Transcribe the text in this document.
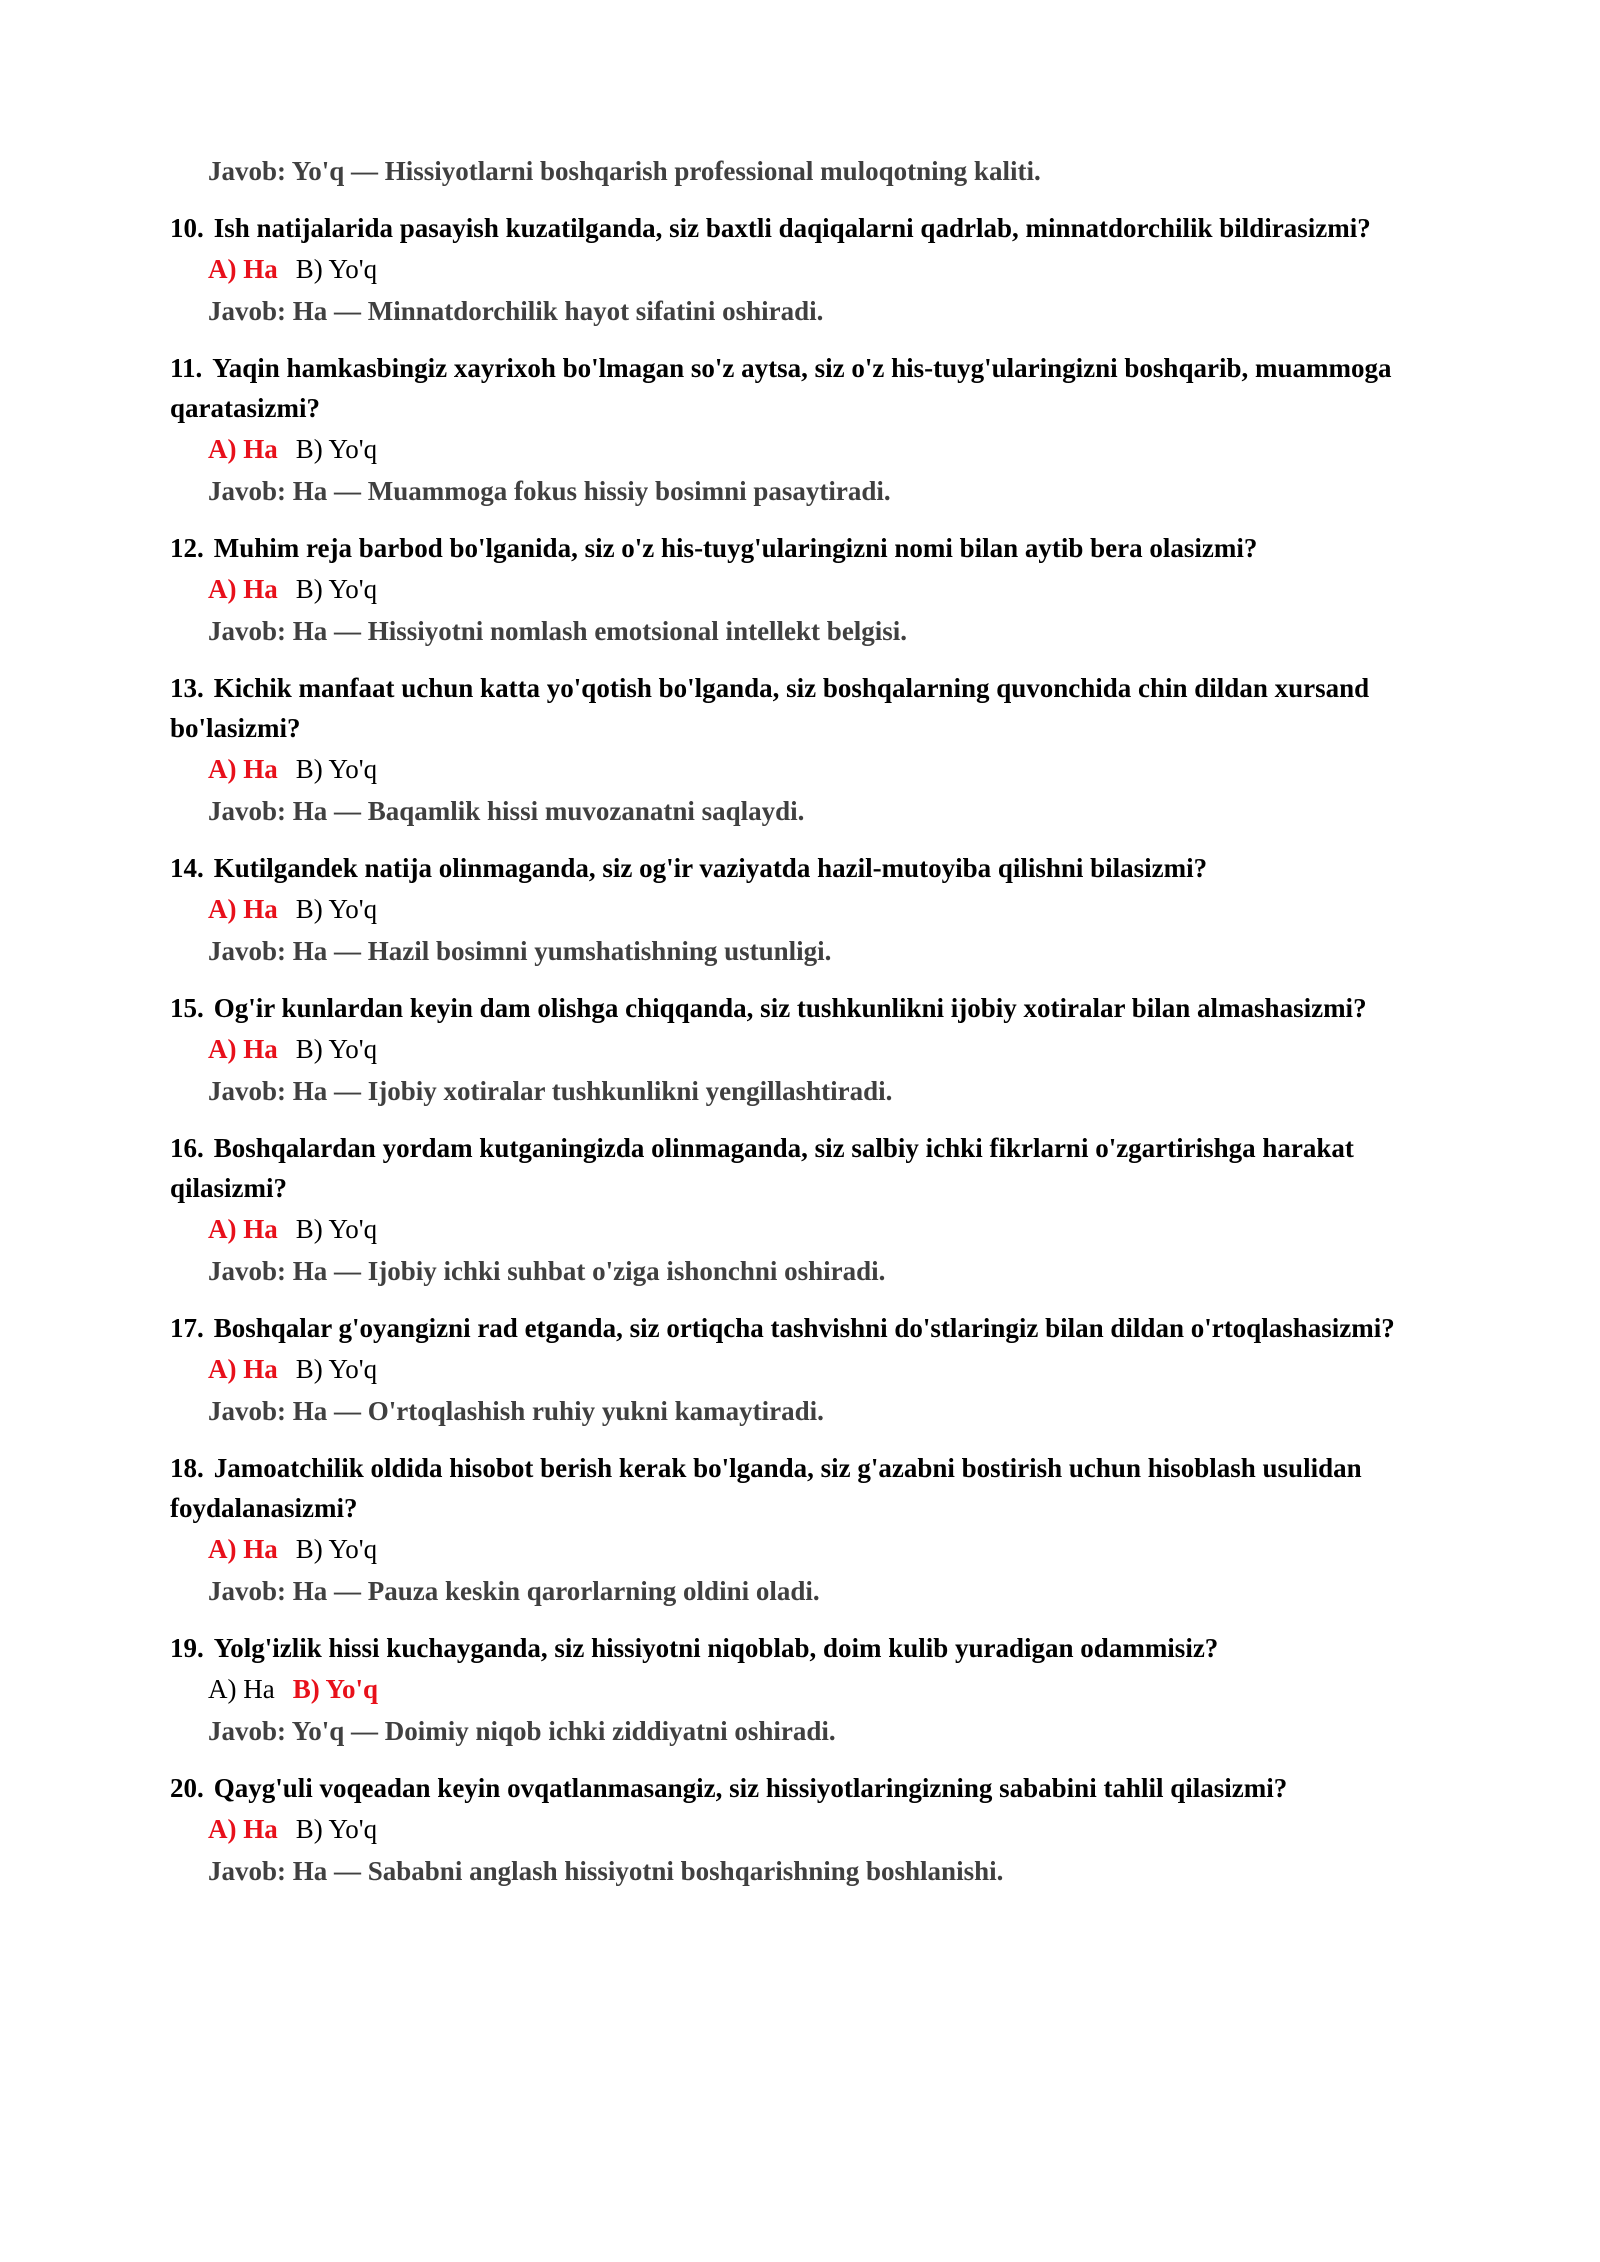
Javob: Yo'q — Hissiyotlarni boshqarish professional muloqotning kaliti.
10. Ish natijalarida pasayish kuzatilganda, siz baxtli daqiqalarni qadrlab, minnatdorchilik bildirasizmi?
A) Ha B) Yo'q
Javob: Ha — Minnatdorchilik hayot sifatini oshiradi.
11. Yaqin hamkasbingiz xayrixoh bo'lmagan so'z aytsa, siz o'z his-tuyg'ularingizni boshqarib, muammoga qaratasizmi?
A) Ha B) Yo'q
Javob: Ha — Muammoga fokus hissiy bosimni pasaytiradi.
12. Muhim reja barbod bo'lganida, siz o'z his-tuyg'ularingizni nomi bilan aytib bera olasizmi?
A) Ha B) Yo'q
Javob: Ha — Hissiyotni nomlash emotsional intellekt belgisi.
13. Kichik manfaat uchun katta yo'qotish bo'lganda, siz boshqalarning quvonchida chin dildan xursand bo'lasizmi?
A) Ha B) Yo'q
Javob: Ha — Baqamlik hissi muvozanatni saqlaydi.
14. Kutilgandek natija olinmaganda, siz og'ir vaziyatda hazil-mutoyiba qilishni bilasizmi?
A) Ha B) Yo'q
Javob: Ha — Hazil bosimni yumshatishning ustunligi.
15. Og'ir kunlardan keyin dam olishga chiqqanda, siz tushkunlikni ijobiy xotiralar bilan almashasizmi?
A) Ha B) Yo'q
Javob: Ha — Ijobiy xotiralar tushkunlikni yengillashtiradi.
16. Boshqalardan yordam kutganingizda olinmaganda, siz salbiy ichki fikrlarni o'zgartirishga harakat qilasizmi?
A) Ha B) Yo'q
Javob: Ha — Ijobiy ichki suhbat o'ziga ishonchni oshiradi.
17. Boshqalar g'oyangizni rad etganda, siz ortiqcha tashvishni do'stlaringiz bilan dildan o'rtoqlashasizmi?
A) Ha B) Yo'q
Javob: Ha — O'rtoqlashish ruhiy yukni kamaytiradi.
18. Jamoatchilik oldida hisobot berish kerak bo'lganda, siz g'azabni bostirish uchun hisoblash usulidan foydalanasizmi?
A) Ha B) Yo'q
Javob: Ha — Pauza keskin qarorlarning oldini oladi.
19. Yolg'izlik hissi kuchayganda, siz hissiyotni niqoblab, doim kulib yuradigan odammisiz?
A) Ha B) Yo'q
Javob: Yo'q — Doimiy niqob ichki ziddiyatni oshiradi.
20. Qayg'uli voqeadan keyin ovqatlanmasangiz, siz hissiyotlaringizning sababini tahlil qilasizmi?
A) Ha B) Yo'q
Javob: Ha — Sababni anglash hissiyotni boshqarishning boshlanishi.
